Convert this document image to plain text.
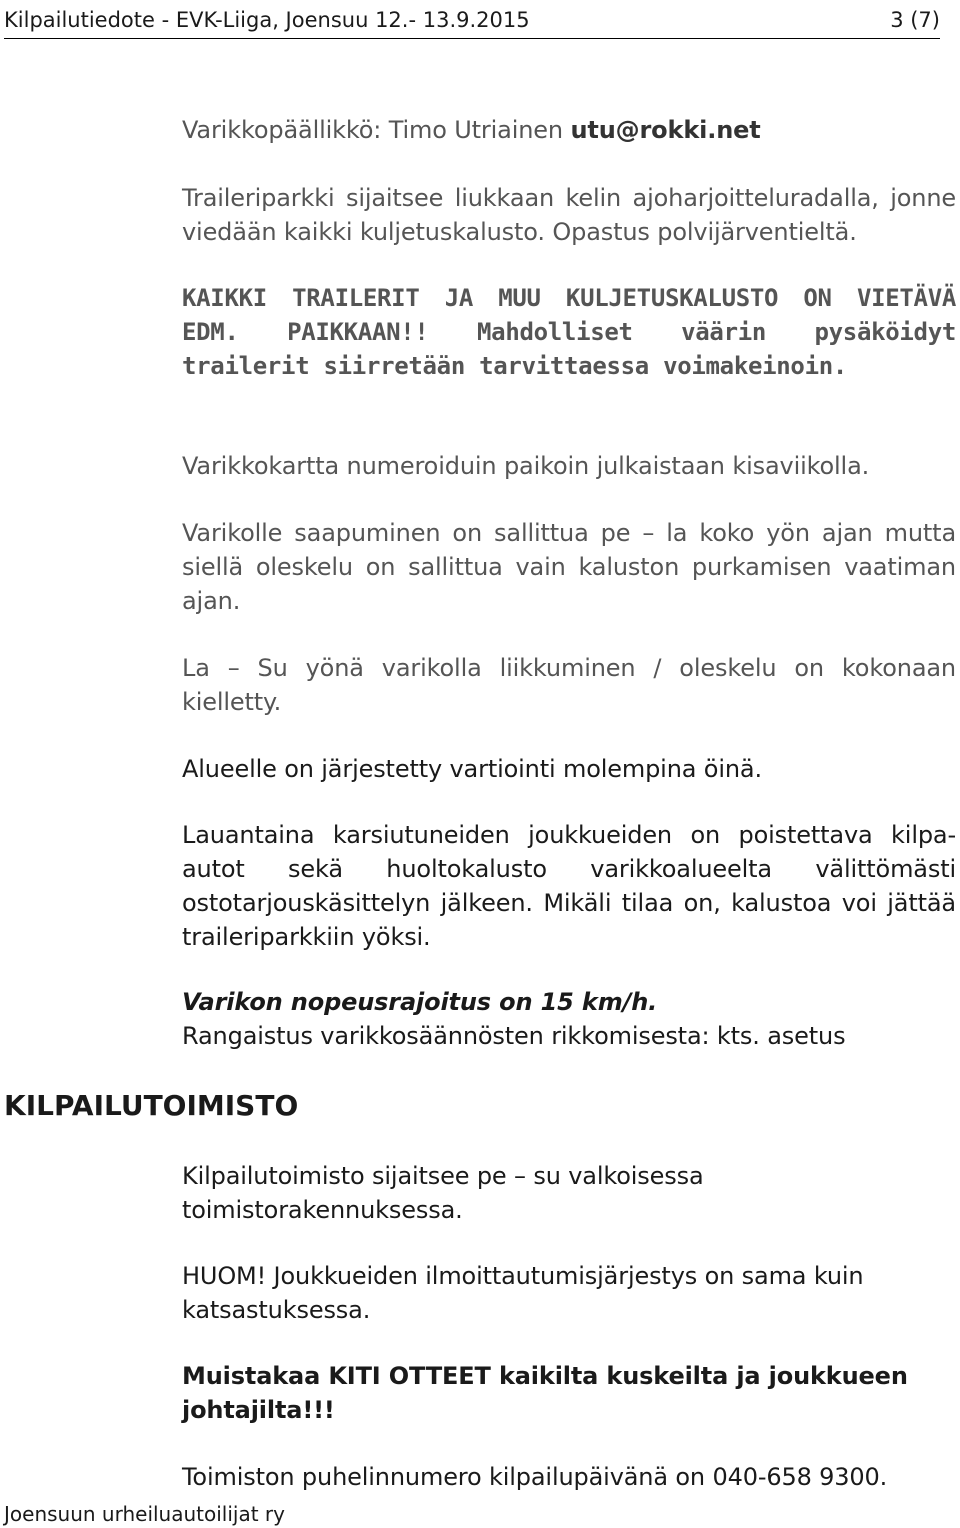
Kilpailutiedote - EVK-Liiga, Joensuu 12.- 13.9.2015	3 (7)

Varikkopäällikkö: Timo Utriainen utu@rokki.net

Traileriparkki sijaitsee liukkaan kelin ajoharjoitteluradalla, jonne viedään kaikki kuljetuskalusto. Opastus polvijärventieltä.

KAIKKI TRAILERIT JA MUU KULJETUSKALUSTO ON VIETÄVÄ EDM. PAIKKAAN!! Mahdolliset väärin pysäköidyt trailerit siirretään tarvittaessa voimakeinoin.

Varikkokartta numeroiduin paikoin julkaistaan kisaviikolla.

Varikolle saapuminen on sallittua pe – la koko yön ajan mutta siellä oleskelu on sallittua vain kaluston purkamisen vaatiman ajan.

La – Su yönä varikolla liikkuminen / oleskelu on kokonaan kielletty.

Alueelle on järjestetty vartiointi molempina öinä.

Lauantaina karsiutuneiden joukkueiden on poistettava kilpa-autot sekä huoltokalusto varikkoalueelta välittömästi ostotarjouskäsittelyn jälkeen. Mikäli tilaa on, kalustoa voi jättää traileriparkkiin yöksi.

Varikon nopeusrajoitus on 15 km/h.

Rangaistus varikkosäännösten rikkomisesta: kts. asetus

Kilpailutoimisto sijaitsee pe – su valkoisessa toimistorakennuksessa.

HUOM! Joukkueiden ilmoittautumisjärjestys on sama kuin katsastuksessa.

Muistakaa KITI OTTEET kaikilta kuskeilta ja joukkueen johtajilta!!!

Toimiston puhelinnumero kilpailupäivänä on 040-658 9300.

KILPAILUTOIMISTO
Joensuun urheiluautoilijat ry
